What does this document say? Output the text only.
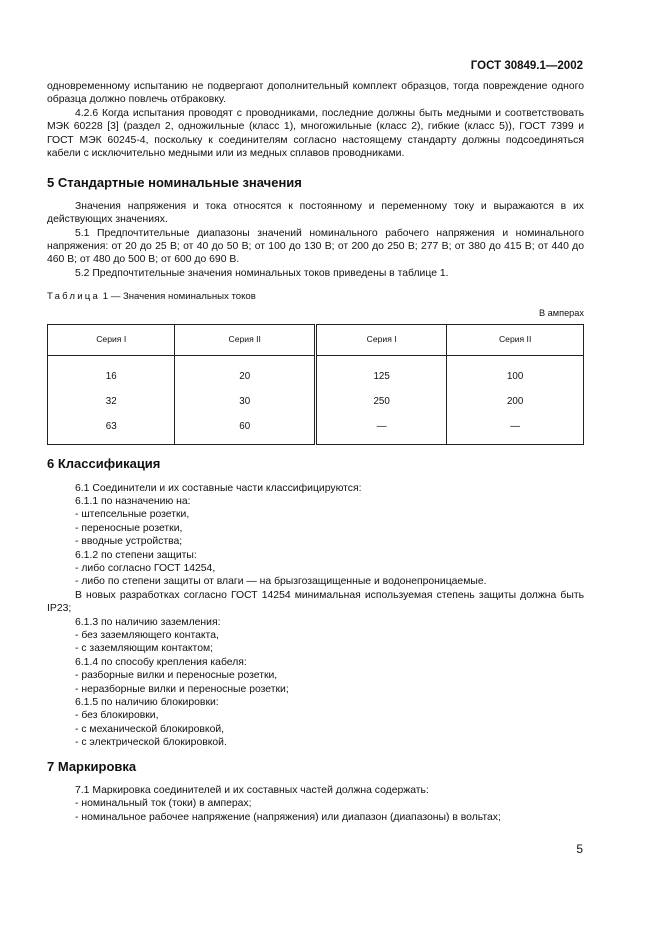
ГОСТ 30849.1—2002

одновременному испытанию не подвергают дополнительный комплект образцов, тогда повреждение одного образца должно повлечь отбраковку.

4.2.6 Когда испытания проводят с проводниками, последние должны быть медными и соответствовать МЭК 60228 [3] (раздел 2, одножильные (класс 1), многожильные (класс 2), гибкие (класс 5)), ГОСТ 7399 и ГОСТ МЭК 60245-4, поскольку к соединителям согласно настоящему стандарту должны подсоединяться кабели с исключительно медными или из медных сплавов проводниками.

5 Стандартные номинальные значения

Значения напряжения и тока относятся к постоянному и переменному току и выражаются в их действующих значениях.

5.1 Предпочтительные диапазоны значений номинального рабочего напряжения и номинального напряжения: от 20 до 25 В; от 40 до 50 В; от 100 до 130 В; от 200 до 250 В; 277 В; от 380 до 415 В; от 440 до 460 В; от 480 до 500 В; от 600 до 690 В.

5.2 Предпочтительные значения номинальных токов приведены в таблице 1.

Таблица 1 — Значения номинальных токов
В амперах
Серия I	Серия II	Серия I	Серия II
16	20	125	100
32	30	250	200
63	60	—	—
6 Классификация

6.1 Соединители и их составные части классифицируются:

6.1.1 по назначению на:

- штепсельные розетки,

- переносные розетки,

- вводные устройства;

6.1.2 по степени защиты:

- либо согласно ГОСТ 14254,

- либо по степени защиты от влаги — на брызгозащищенные и водонепроницаемые.

В новых разработках согласно ГОСТ 14254 минимальная используемая степень защиты должна быть IP23;

6.1.3 по наличию заземления:

- без заземляющего контакта,

- с заземляющим контактом;

6.1.4 по способу крепления кабеля:

- разборные вилки и переносные розетки,

- неразборные вилки и переносные розетки;

6.1.5 по наличию блокировки:

- без блокировки,

- с механической блокировкой,

- с электрической блокировкой.

7 Маркировка

7.1 Маркировка соединителей и их составных частей должна содержать:

- номинальный ток (токи) в амперах;

- номинальное рабочее напряжение (напряжения) или диапазон (диапазоны) в вольтах;

5
